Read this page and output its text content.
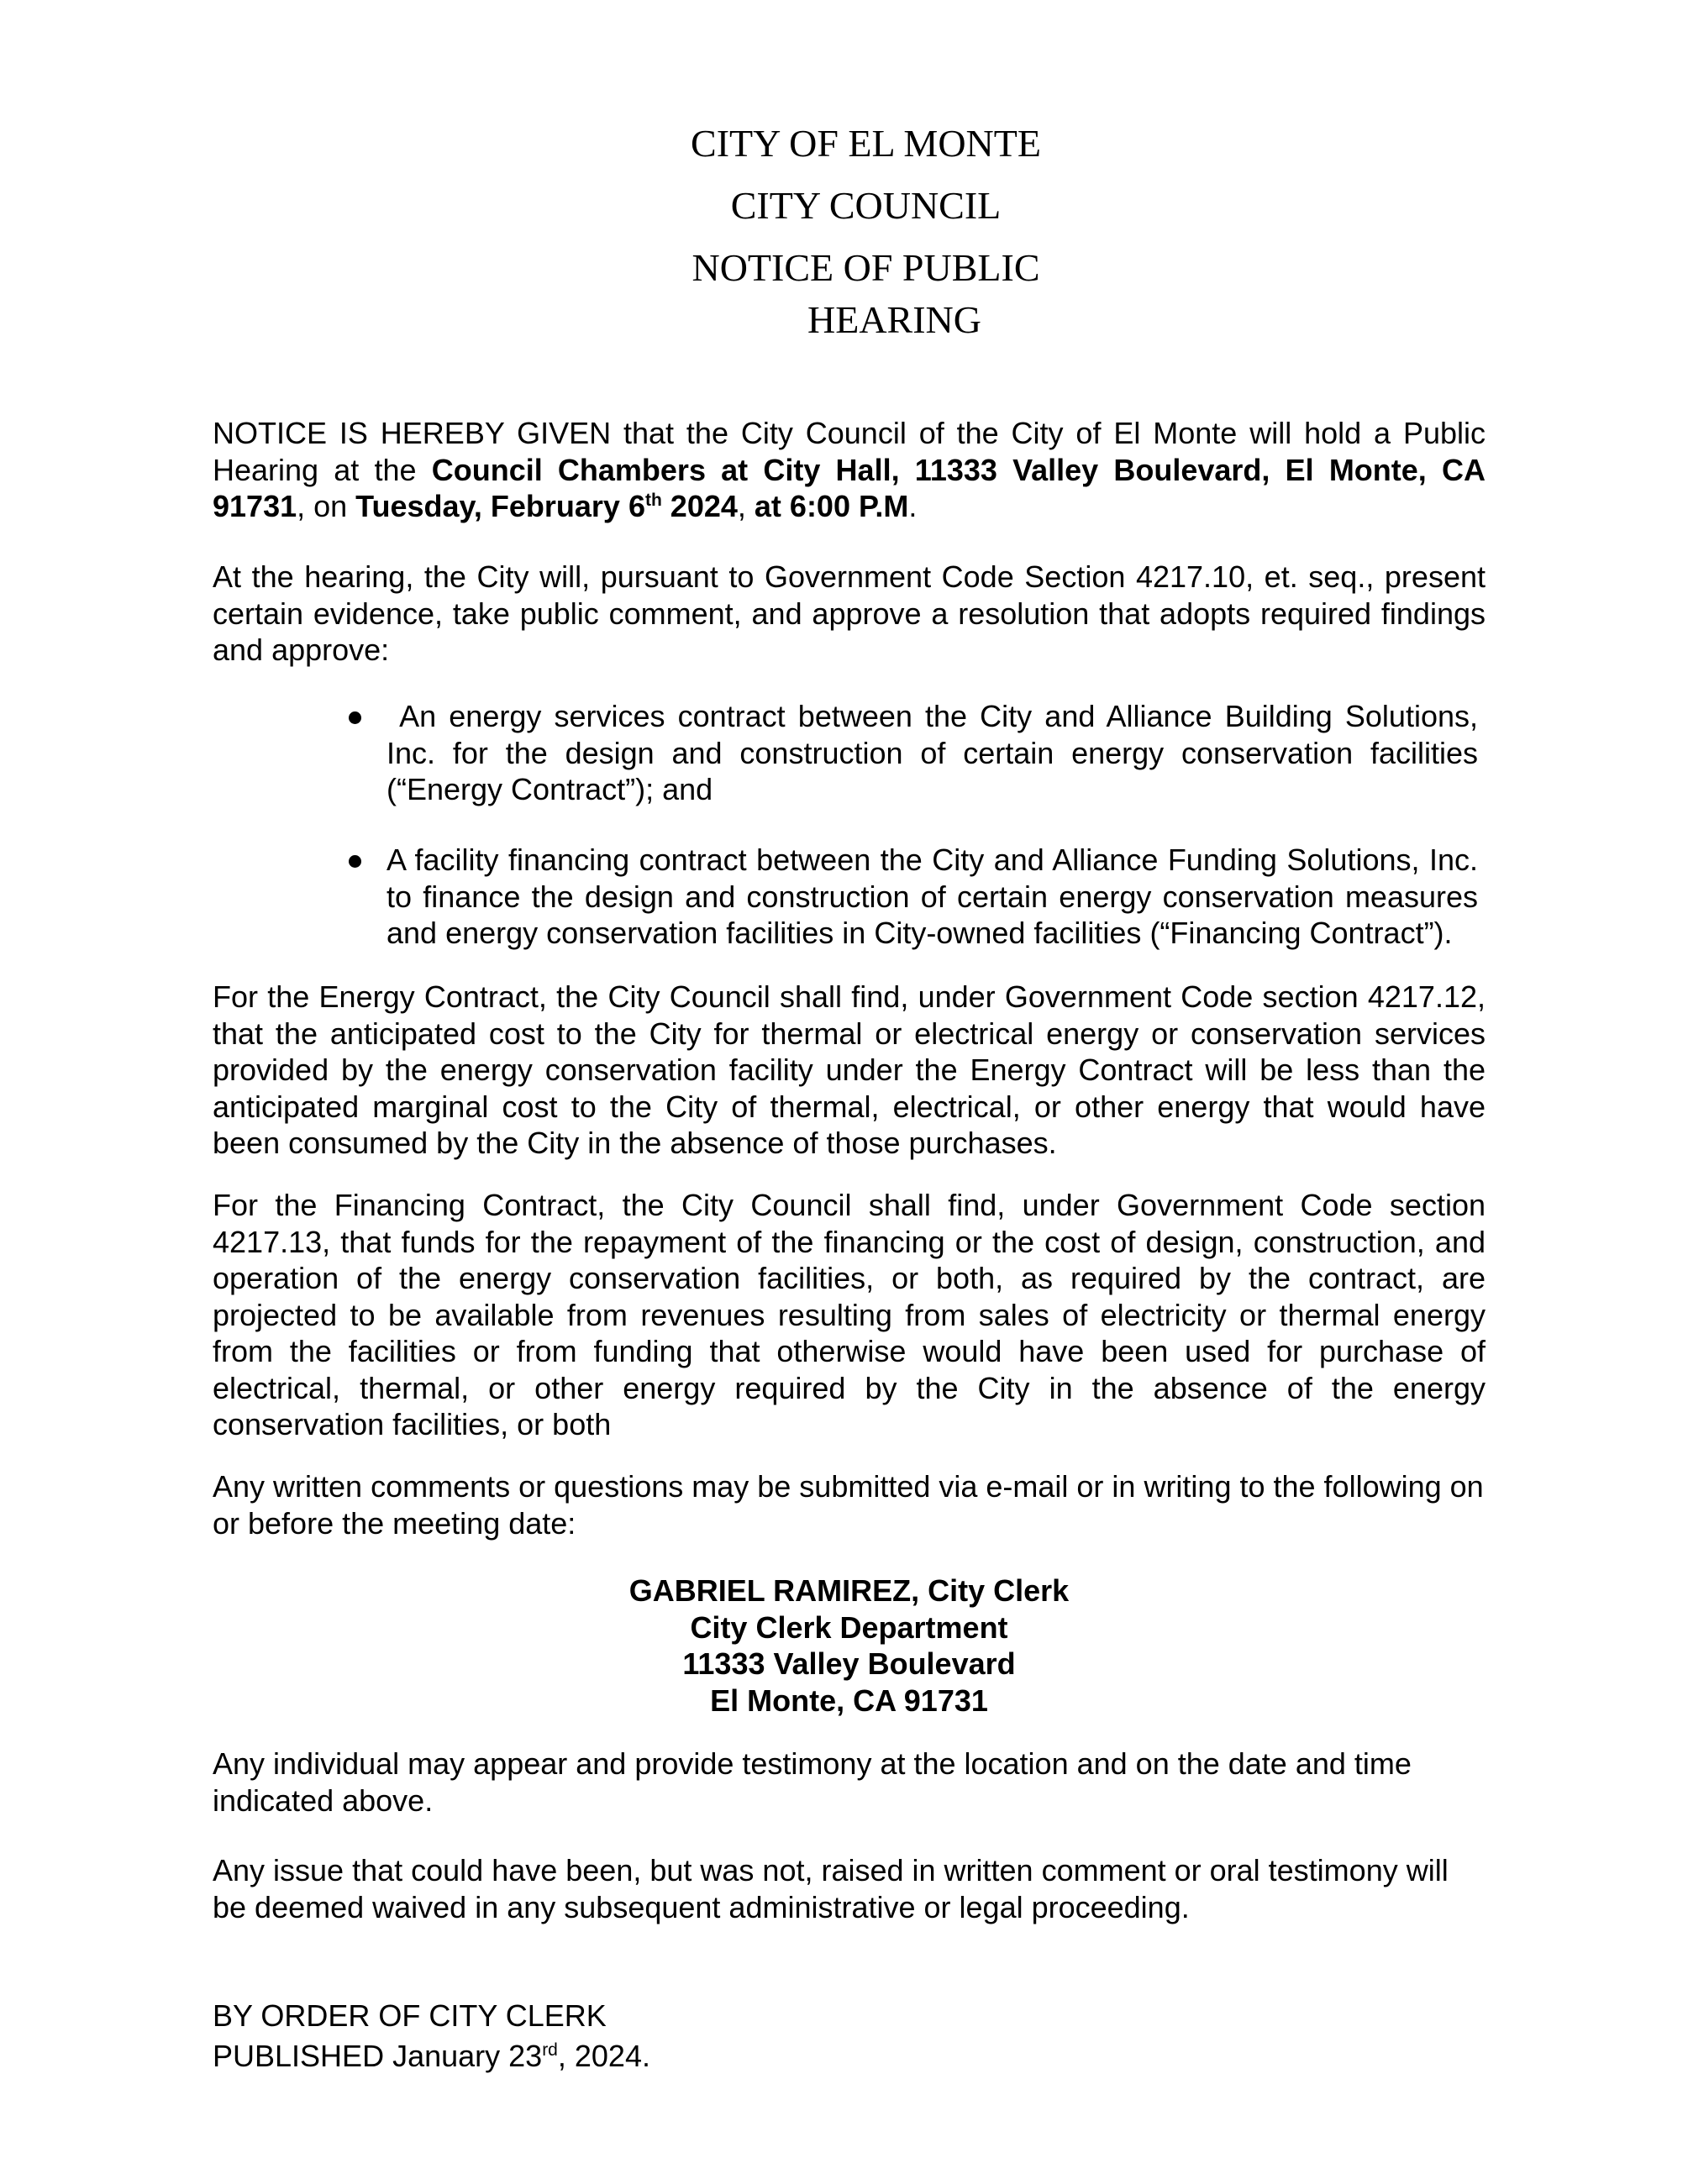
CITY OF EL MONTE
CITY COUNCIL
NOTICE OF PUBLIC
HEARING

NOTICE IS HEREBY GIVEN that the City Council of the City of El Monte will hold a Public Hearing at the Council Chambers at City Hall, 11333 Valley Boulevard, El Monte, CA 91731, on Tuesday, February 6th 2024, at 6:00 P.M.

At the hearing, the City will, pursuant to Government Code Section 4217.10, et. seq., present certain evidence, take public comment, and approve a resolution that adopts required findings and approve:

An energy services contract between the City and Alliance Building Solutions, Inc. for the design and construction of certain energy conservation facilities (“Energy Contract”); and
A facility financing contract between the City and Alliance Funding Solutions, Inc. to finance the design and construction of certain energy conservation measures and energy conservation facilities in City-owned facilities (“Financing Contract”).

For the Energy Contract, the City Council shall find, under Government Code section 4217.12, that the anticipated cost to the City for thermal or electrical energy or conservation services provided by the energy conservation facility under the Energy Contract will be less than the anticipated marginal cost to the City of thermal, electrical, or other energy that would have been consumed by the City in the absence of those purchases.

For the Financing Contract, the City Council shall find, under Government Code section 4217.13, that funds for the repayment of the financing or the cost of design, construction, and operation of the energy conservation facilities, or both, as required by the contract, are projected to be available from revenues resulting from sales of electricity or thermal energy from the facilities or from funding that otherwise would have been used for purchase of electrical, thermal, or other energy required by the City in the absence of the energy conservation facilities, or both

Any written comments or questions may be submitted via e-mail or in writing to the following on or before the meeting date:

GABRIEL RAMIREZ, City Clerk
City Clerk Department
11333 Valley Boulevard
El Monte, CA 91731

Any individual may appear and provide testimony at the location and on the date and time indicated above.

Any issue that could have been, but was not, raised in written comment or oral testimony will be deemed waived in any subsequent administrative or legal proceeding.

BY ORDER OF CITY CLERK

PUBLISHED January 23rd, 2024.
